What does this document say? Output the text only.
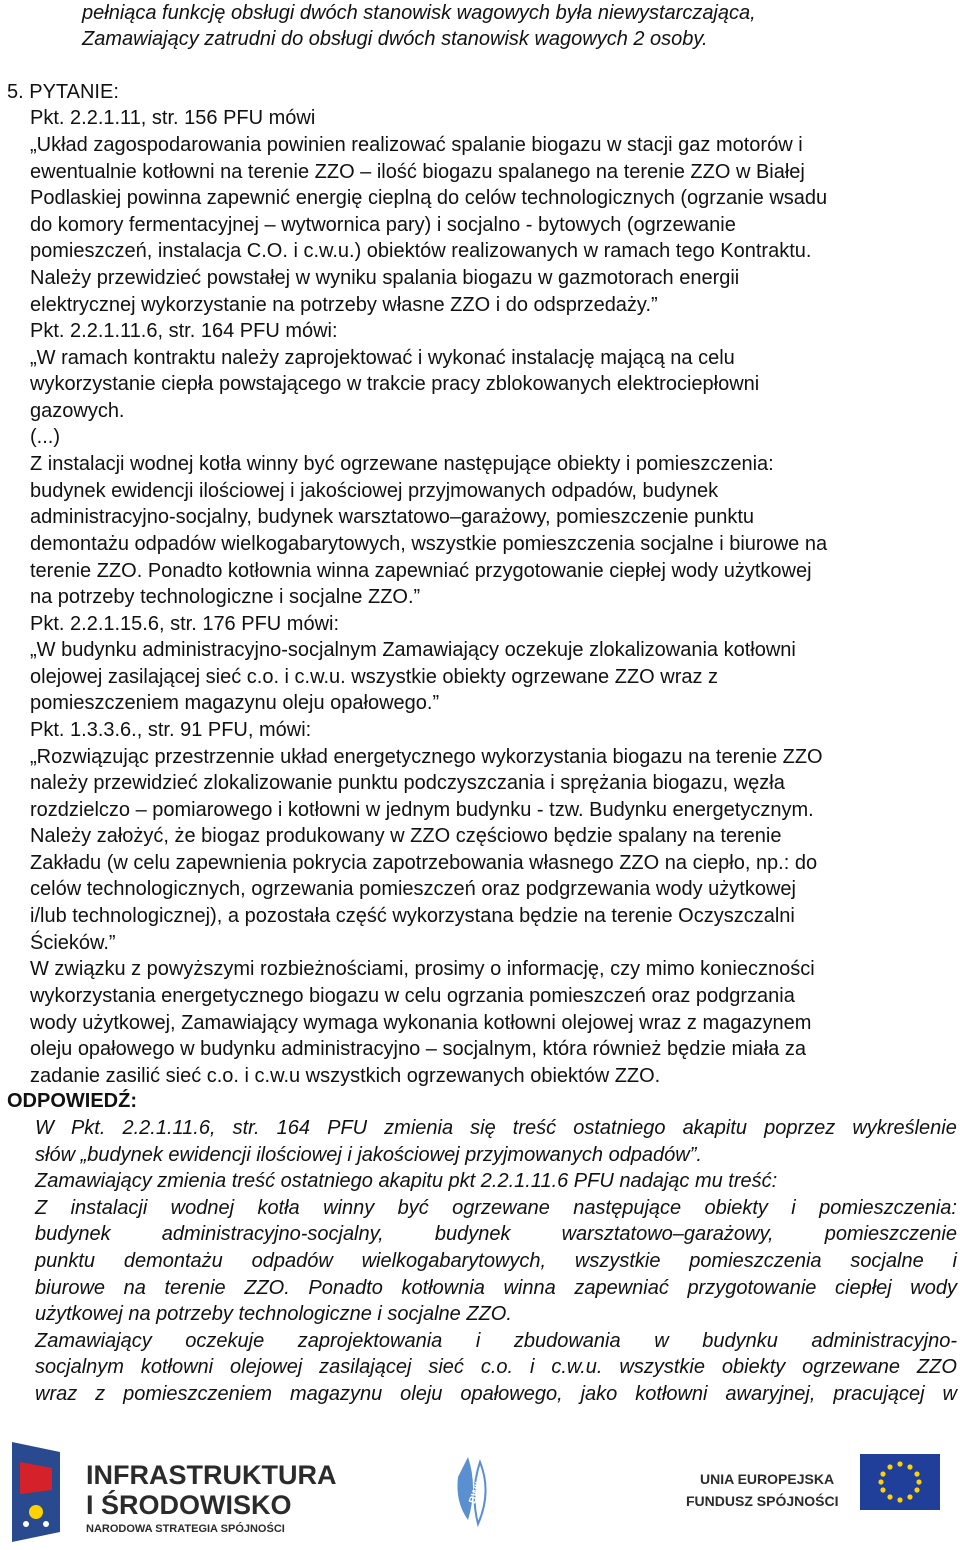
pełniąca funkcję obsługi dwóch stanowisk wagowych była niewystarczająca,
Zamawiający zatrudni do obsługi dwóch stanowisk wagowych 2 osoby.
5. PYTANIE:
Pkt. 2.2.1.11, str. 156 PFU mówi
„Układ zagospodarowania powinien realizować spalanie biogazu w stacji gaz motorów i
ewentualnie kotłowni na terenie ZZO – ilość biogazu spalanego na terenie ZZO w Białej
Podlaskiej powinna zapewnić energię cieplną do celów technologicznych (ogrzanie wsadu
do komory fermentacyjnej – wytwornica pary) i socjalno - bytowych (ogrzewanie
pomieszczeń, instalacja C.O. i c.w.u.) obiektów realizowanych w ramach tego Kontraktu.
Należy przewidzieć powstałej w wyniku spalania biogazu w gazmotorach energii
elektrycznej wykorzystanie na potrzeby własne ZZO i do odsprzedaży.”
Pkt. 2.2.1.11.6, str. 164 PFU mówi:
„W ramach kontraktu należy zaprojektować i wykonać instalację mającą na celu
wykorzystanie ciepła powstającego w trakcie pracy zblokowanych elektrociepłowni
gazowych.
(...)
Z instalacji wodnej kotła winny być ogrzewane następujące obiekty i pomieszczenia:
budynek ewidencji ilościowej i jakościowej przyjmowanych odpadów, budynek
administracyjno-socjalny, budynek warsztatowo–garażowy, pomieszczenie punktu
demontażu odpadów wielkogabarytowych, wszystkie pomieszczenia socjalne i biurowe na
terenie ZZO. Ponadto kotłownia winna zapewniać przygotowanie ciepłej wody użytkowej
na potrzeby technologiczne i socjalne ZZO.”
Pkt. 2.2.1.15.6, str. 176 PFU mówi:
„W budynku administracyjno-socjalnym Zamawiający oczekuje zlokalizowania kotłowni
olejowej zasilającej sieć c.o. i c.w.u. wszystkie obiekty ogrzewane ZZO wraz z
pomieszczeniem magazynu oleju opałowego.”
Pkt. 1.3.3.6., str. 91 PFU, mówi:
„Rozwiązując przestrzennie układ energetycznego wykorzystania biogazu na terenie ZZO
należy przewidzieć zlokalizowanie punktu podczyszczania i sprężania biogazu, węzła
rozdzielczo – pomiarowego i kotłowni w jednym budynku - tzw. Budynku energetycznym.
Należy założyć, że biogaz produkowany w ZZO częściowo będzie spalany na terenie
Zakładu (w celu zapewnienia pokrycia zapotrzebowania własnego ZZO na ciepło, np.: do
celów technologicznych, ogrzewania pomieszczeń oraz podgrzewania wody użytkowej
i/lub technologicznej), a pozostała część wykorzystana będzie na terenie Oczyszczalni
Ścieków.”
W związku z powyższymi rozbieżnościami, prosimy o informację, czy mimo konieczności
wykorzystania energetycznego biogazu w celu ogrzania pomieszczeń oraz podgrzania
wody użytkowej, Zamawiający wymaga wykonania kotłowni olejowej wraz z magazynem
oleju opałowego w budynku administracyjno – socjalnym, która również będzie miała za
zadanie zasilić sieć c.o. i c.w.u wszystkich ogrzewanych obiektów ZZO.
ODPOWIEDŹ:
W Pkt. 2.2.1.11.6, str. 164 PFU zmienia się treść ostatniego akapitu poprzez wykreślenie
słów „budynek ewidencji ilościowej i jakościowej przyjmowanych odpadów”.
Zamawiający zmienia treść ostatniego akapitu pkt 2.2.1.11.6 PFU nadając mu treść:
Z instalacji wodnej kotła winny być ogrzewane następujące obiekty i pomieszczenia:
budynek	administracyjno-socjalny,	budynek	warsztatowo–garażowy,	pomieszczenie
punktu demontażu odpadów wielkogabarytowych, wszystkie pomieszczenia socjalne i
biurowe na terenie ZZO. Ponadto kotłownia winna zapewniać przygotowanie ciepłej wody
użytkowej na potrzeby technologiczne i socjalne ZZO.
Zamawiający oczekuje zaprojektowania i zbudowania w budynku administracyjno-
socjalnym kotłowni olejowej zasilającej sieć c.o. i c.w.u. wszystkie obiekty ogrzewane ZZO
wraz z pomieszczeniem magazynu oleju opałowego, jako kotłowni awaryjnej, pracującej w
INFRASTRUKTURA
I ŚRODOWISKO
NARODOWA STRATEGIA SPÓJNOŚCI
BWIK	UNIA EUROPEJSKA
FUNDUSZ SPÓJNOŚCI
